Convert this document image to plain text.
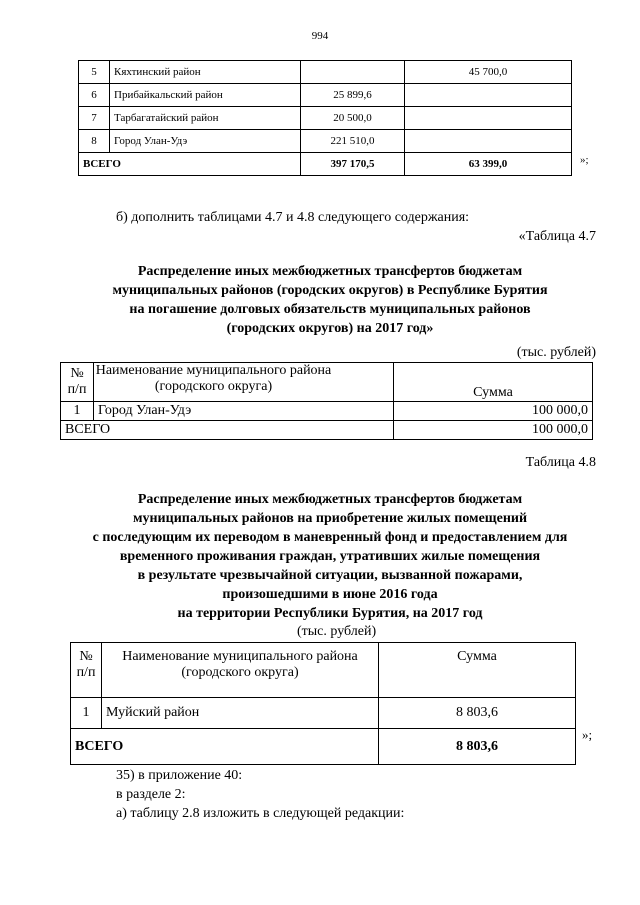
994
5	Кяхтинский район		45 700,0
6	Прибайкальский район	25 899,6	
7	Тарбагатайский район	20 500,0	
8	Город Улан-Удэ	221 510,0	
ВСЕГО		397 170,5	63 399,0	»;
б) дополнить таблицами 4.7 и 4.8 следующего содержания:
«Таблица 4.7
Распределение иных межбюджетных трансфертов бюджетам
муниципальных районов (городских округов) в Республике Бурятия
на погашение долговых обязательств муниципальных районов
(городских округов) на 2017 год»
(тыс. рублей)
№ п/п	Наименование муниципального района (городского округа)	Сумма
1	Город Улан-Удэ	100 000,0
ВСЕГО		100 000,0
Таблица 4.8
Распределение иных межбюджетных трансфертов бюджетам
муниципальных районов на приобретение жилых помещений
с последующим их переводом в маневренный фонд и предоставлением для
временного проживания граждан, утративших жилые помещения
в результате чрезвычайной ситуации, вызванной пожарами,
произошедшими в июне 2016 года
на территории Республики Бурятия, на 2017 год
(тыс. рублей)
№ п/п	Наименование муниципального района (городского округа)	Сумма
1	Муйский район	8 803,6
ВСЕГО		8 803,6
»;
35) в приложение 40:
в разделе 2:
а) таблицу 2.8 изложить в следующей редакции:
